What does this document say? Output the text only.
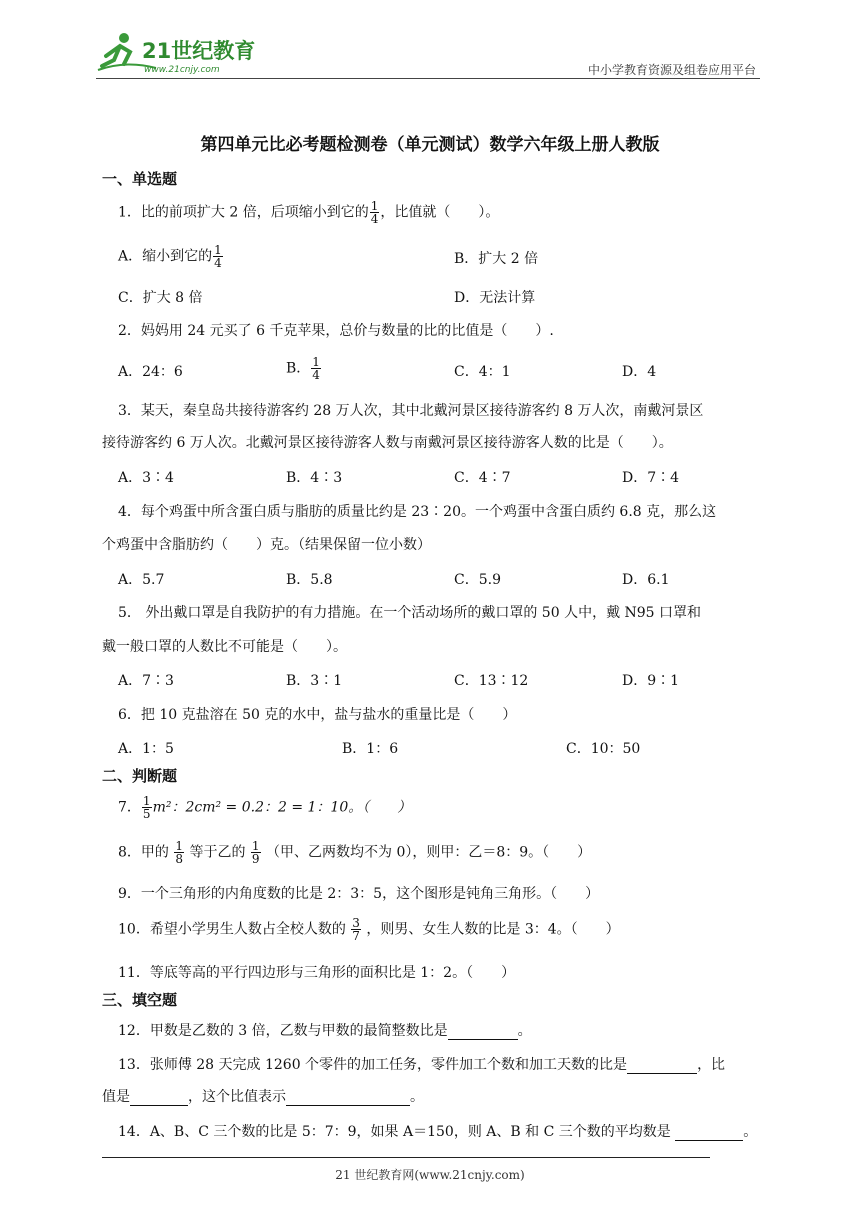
21世纪教育
www.21cnjy.com	中小学教育资源及组卷应用平台
第四单元比必考题检测卷（单元测试）数学六年级上册人教版
一、单选题
1．比的前项扩大 2 倍，后项缩小到它的 $\frac{1}{4}$ ，比值就（　　）。
A．缩小到它的 $\frac{1}{4}$	B．扩大 2 倍
C．扩大 8 倍	D．无法计算
2．妈妈用 24 元买了 6 千克苹果，总价与数量的比的比值是（　　）.
A．24：6	B． $\frac{1}{4}$	C．4：1	D．4
3．某天，秦皇岛共接待游客约 28 万人次，其中北戴河景区接待游客约 8 万人次，南戴河景区
接待游客约 6 万人次。北戴河景区接待游客人数与南戴河景区接待游客人数的比是（　　）。
A．3∶4	B．4∶3	C．4∶7	D．7∶4
4．每个鸡蛋中所含蛋白质与脂肪的质量比约是 23∶20。一个鸡蛋中含蛋白质约 6.8 克，那么这
个鸡蛋中含脂肪约（　　）克。（结果保留一位小数）
A．5.7	B．5.8	C．5.9	D．6.1
5． 外出戴口罩是自我防护的有力措施。在一个活动场所的戴口罩的 50 人中，戴 N95 口罩和
戴一般口罩的人数比不可能是（　　）。
A．7∶3	B．3∶1	C．13∶12	D．9∶1
6．把 10 克盐溶在 50 克的水中，盐与盐水的重量比是（　　）
A．1：5	B．1：6	C．10：50
二、判断题
7． $\frac{1}{5} m^2$：2cm² = 0.2：2 = 1：10。（　　）
8．甲的 $\frac{1}{8}$ 等于乙的 $\frac{1}{9}$ （甲、乙两数均不为 0），则甲：乙＝8：9。（　　）
9．一个三角形的内角度数的比是 2：3：5，这个图形是钝角三角形。（　　）
10．希望小学男生人数占全校人数的 $\frac{3}{7}$ ，则男、女生人数的比是 3：4。（　　）
11．等底等高的平行四边形与三角形的面积比是 1：2。（　　）
三、填空题
12．甲数是乙数的 3 倍，乙数与甲数的最简整数比是	。
13．张师傅 28 天完成 1260 个零件的加工任务，零件加工个数和加工天数的比是	，比
值是	，这个比值表示	。
14．A、B、C 三个数的比是 5：7：9，如果 A＝150，则 A、B 和 C 三个数的平均数是	。
21 世纪教育网(www.21cnjy.com)
